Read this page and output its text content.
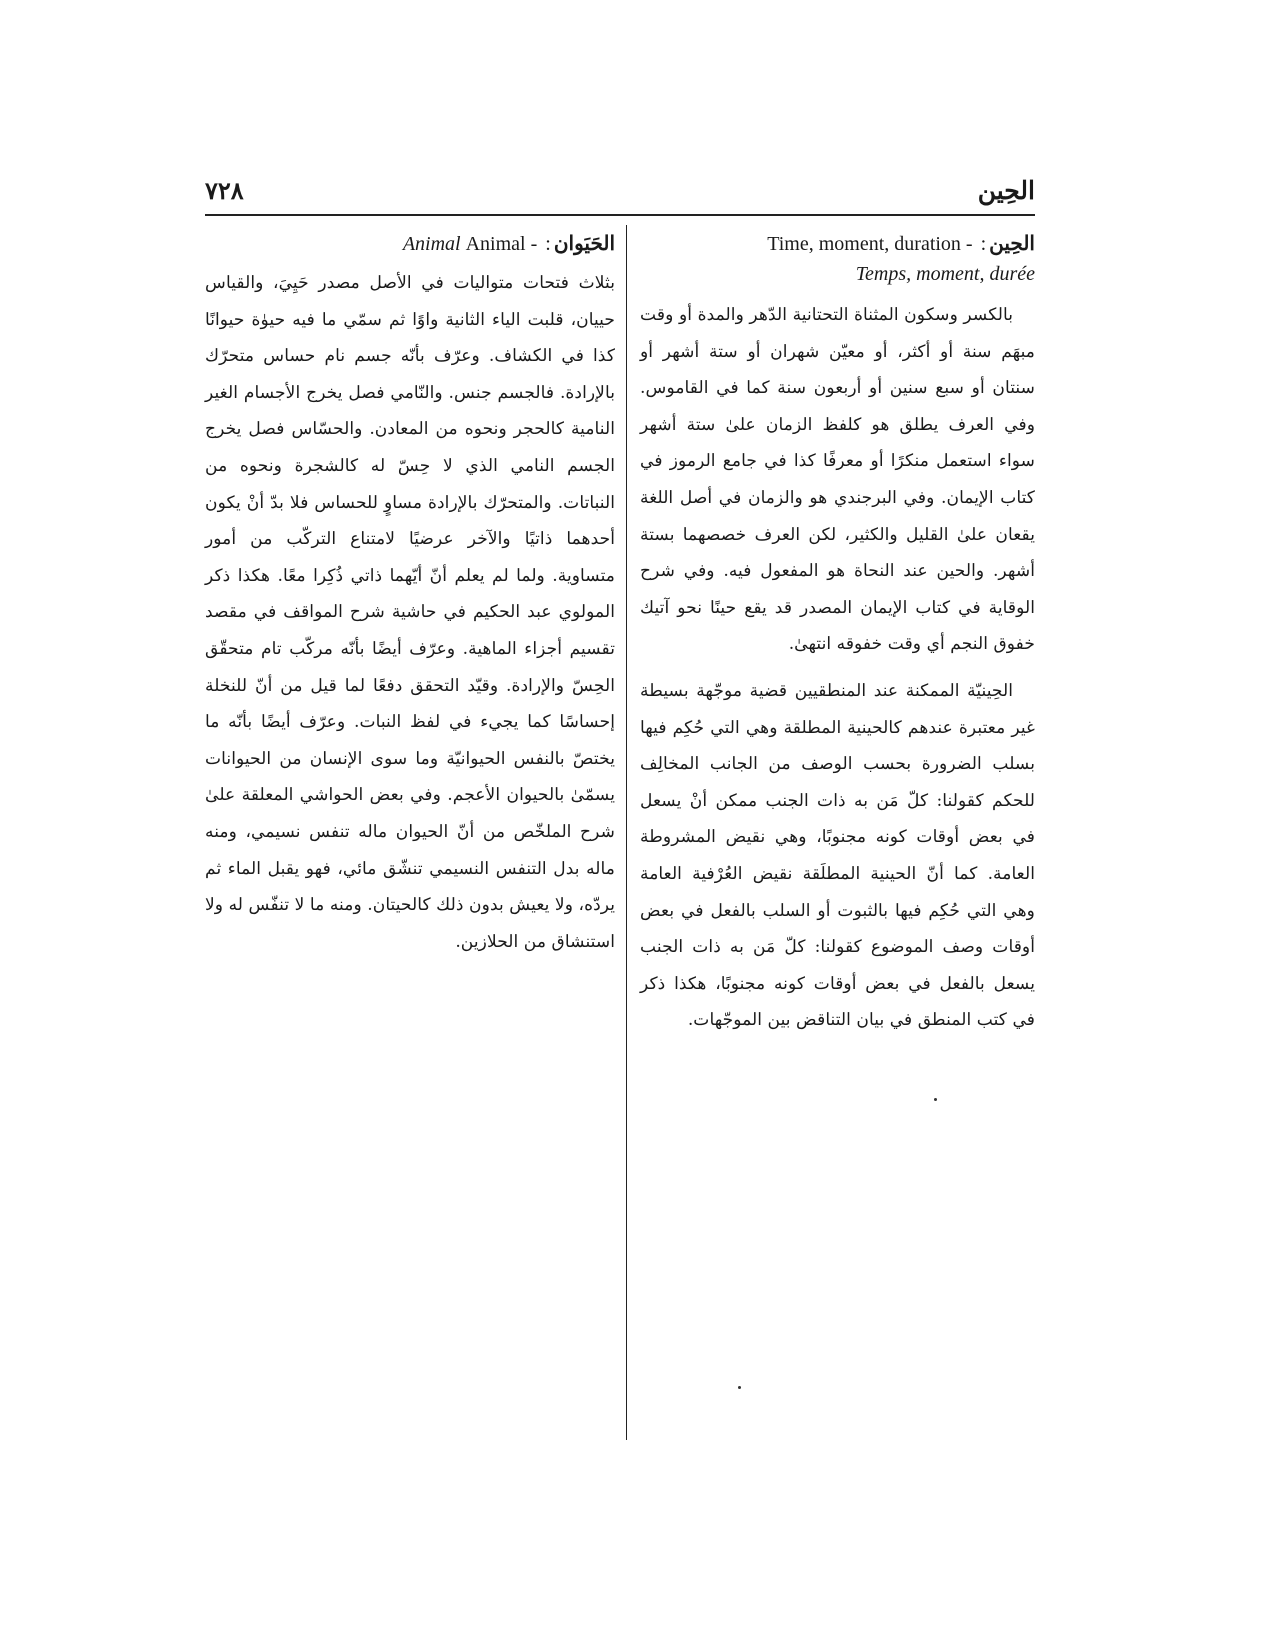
الحِين
٧٢٨
الحِين: Time, moment, duration -
Temps, moment, durée

بالكسر وسكون المثناة التحتانية الدّهر والمدة أو وقت مبهَم سنة أو أكثر، أو معيّن شهران أو ستة أشهر أو سنتان أو سبع سنين أو أربعون سنة كما في القاموس. وفي العرف يطلق هو كلفظ الزمان علىٰ ستة أشهر سواء استعمل منكرًا أو معرفًا كذا في جامع الرموز في كتاب الإيمان. وفي البرجندي هو والزمان في أصل اللغة يقعان علىٰ القليل والكثير، لكن العرف خصصهما بستة أشهر. والحين عند النحاة هو المفعول فيه. وفي شرح الوقاية في كتاب الإيمان المصدر قد يقع حينًا نحو آتيك خفوق النجم أي وقت خفوقه انتهىٰ.

الحِينيّة الممكنة عند المنطقيين قضية موجّهة بسيطة غير معتبرة عندهم كالحينية المطلقة وهي التي حُكِم فيها بسلب الضرورة بحسب الوصف من الجانب المخالِف للحكم كقولنا: كلّ مَن به ذات الجنب ممكن أنْ يسعل في بعض أوقات كونه مجنوبًا، وهي نقيض المشروطة العامة. كما أنّ الحينية المطلَقة نقيض العُرْفية العامة وهي التي حُكِم فيها بالثبوت أو السلب بالفعل في بعض أوقات وصف الموضوع كقولنا: كلّ مَن به ذات الجنب يسعل بالفعل في بعض أوقات كونه مجنوبًا، هكذا ذكر في كتب المنطق في بيان التناقض بين الموجّهات.

الحَيَوان: Animal - Animal

بثلاث فتحات متواليات في الأصل مصدر حَيِيَ، والقياس حييان، قلبت الياء الثانية واوًا ثم سمّي ما فيه حيوٰة حيوانًا كذا في الكشاف. وعرّف بأنّه جسم نام حساس متحرّك بالإرادة. فالجسم جنس. والنّامي فصل يخرج الأجسام الغير النامية كالحجر ونحوه من المعادن. والحسّاس فصل يخرج الجسم النامي الذي لا حِسّ له كالشجرة ونحوه من النباتات. والمتحرّك بالإرادة مساوٍ للحساس فلا بدّ أنْ يكون أحدهما ذاتيًا والآخر عرضيًا لامتناع التركّب من أمور متساوية. ولما لم يعلم أنّ أيّهما ذاتي ذُكِرا معًا. هكذا ذكر المولوي عبد الحكيم في حاشية شرح المواقف في مقصد تقسيم أجزاء الماهية. وعرّف أيضًا بأنّه مركّب تام متحقّق الحِسّ والإرادة. وقيّد التحقق دفعًا لما قيل من أنّ للنخلة إحساسًا كما يجيء في لفظ النبات. وعرّف أيضًا بأنّه ما يختصّ بالنفس الحيوانيّة وما سوى الإنسان من الحيوانات يسمّىٰ بالحيوان الأعجم. وفي بعض الحواشي المعلقة علىٰ شرح الملخّص من أنّ الحيوان ماله تنفس نسيمي، ومنه ماله بدل التنفس النسيمي تنشّق مائي، فهو يقبل الماء ثم يردّه، ولا يعيش بدون ذلك كالحيتان. ومنه ما لا تنفّس له ولا استنشاق من الحلازين.
